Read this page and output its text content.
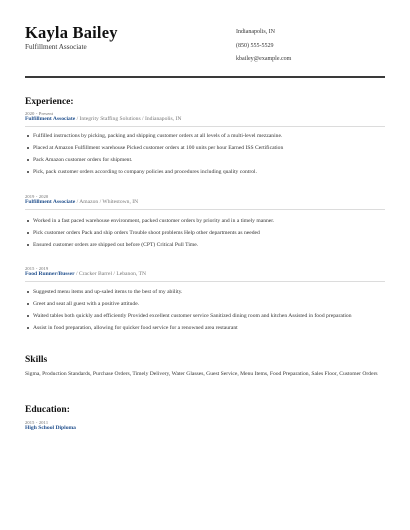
Kayla Bailey
Fulfillment Associate
Indianapolis, IN
(850) 555-5529
kbailey@example.com
Experience:
2020 - Present
Fulfillment Associate / Integrity Staffing Solutions / Indianapolis, IN
Fulfilled instructions by picking, packing and shipping customer orders at all levels of a multi-level mezzanine.
Placed at Amazon Fulfillment warehouse Picked customer orders at 100 units per hour Earned ISS Certification
Pack Amazon customer orders for shipment.
Pick, pack customer orders according to company policies and procedures including quality control.
2019 - 2020
Fulfillment Associate / Amazon / Whitestown, IN
Worked in a fast paced warehouse environment, packed customer orders by priority and in a timely manner.
Pick customer orders Pack and ship orders Trouble shoot problems Help other departments as needed
Ensured customer orders are shipped out before (CPT) Critical Pull Time.
2015 - 2019
Food Runner/Busser / Cracker Barrel / Lebanon, TN
Suggested menu items and up-saled items to the best of my ability.
Greet and seat all guest with a positive attitude.
Waited tables both quickly and efficiently Provided excellent customer service Sanitized dining room and kitchen Assisted in food preparation
Assist in food preparation, allowing for quicker food service for a renowned area restaurant
Skills
Sigma, Production Standards, Purchase Orders, Timely Delivery, Water Glasses, Guest Service, Menu Items, Food Preparation, Sales Floor, Customer Orders
Education:
2015 - 2011
High School Diploma
